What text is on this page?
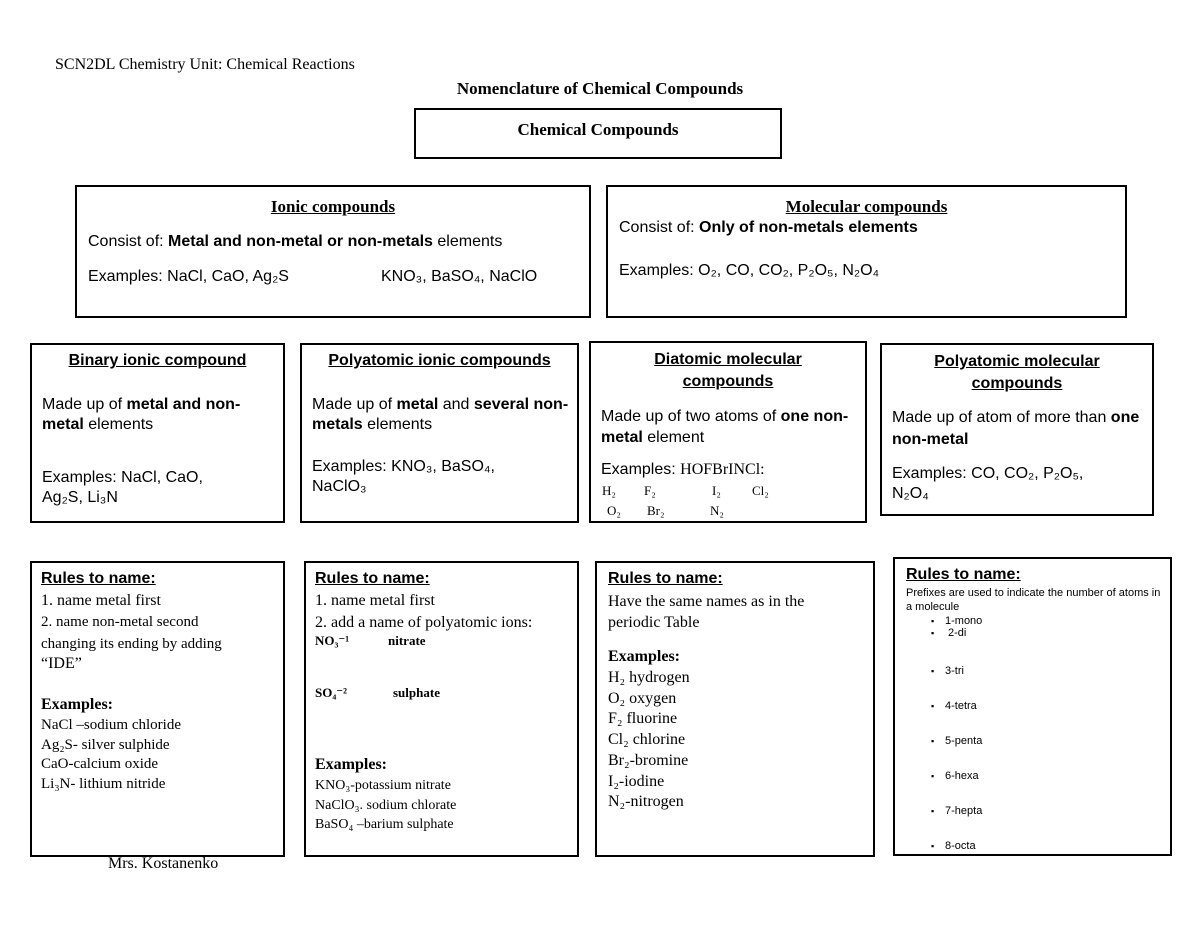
SCN2DL Chemistry Unit: Chemical Reactions
Nomenclature of Chemical Compounds
Chemical Compounds
Ionic compounds
Consist of: Metal and non-metal or non-metals elements
Examples: NaCl, CaO, Ag₂S	KNO₃, BaSO₄, NaClO
Molecular compounds
Consist of: Only of non-metals elements
Examples: O₂, CO, CO₂, P₂O₅, N₂O₄
Binary ionic compound
Made up of metal and non-metal elements
Examples: NaCl, CaO,
Ag₂S, Li₃N
Polyatomic ionic compounds
Made up of metal and several non-metals elements
Examples: KNO₃, BaSO₄,
NaClO₃
Diatomic molecular compounds
Made up of two atoms of one non-metal element
Examples: HOFBrINCl:
H₂ F₂	I₂ Cl₂
O₂ Br₂	N₂
Polyatomic molecular compounds
Made up of atom of more than one non-metal
Examples: CO, CO₂, P₂O₅,
N₂O₄
Rules to name:
1. name metal first
2. name non-metal second
changing its ending by adding
“IDE”
Examples:
NaCl –sodium chloride
Ag₂S- silver sulphide
CaO-calcium oxide
Li₃N- lithium nitride
Rules to name:
1. name metal first
2. add a name of polyatomic ions:
NO₃⁻¹	nitrate
SO₄⁻²	sulphate
Examples:
KNO₃-potassium nitrate
NaClO₃. sodium chlorate
BaSO₄ –barium sulphate
Rules to name:
Have the same names as in the
periodic Table
Examples:
H₂ hydrogen
O₂ oxygen
F₂ fluorine
Cl₂ chlorine
Br₂-bromine
I₂-iodine
N₂-nitrogen
Rules to name:
Prefixes are used to indicate the number of atoms in a molecule
▪ 1-mono
▪ 2-di
▪ 3-tri
▪ 4-tetra
▪ 5-penta
▪ 6-hexa
▪ 7-hepta
▪ 8-octa
Mrs. Kostanenko
